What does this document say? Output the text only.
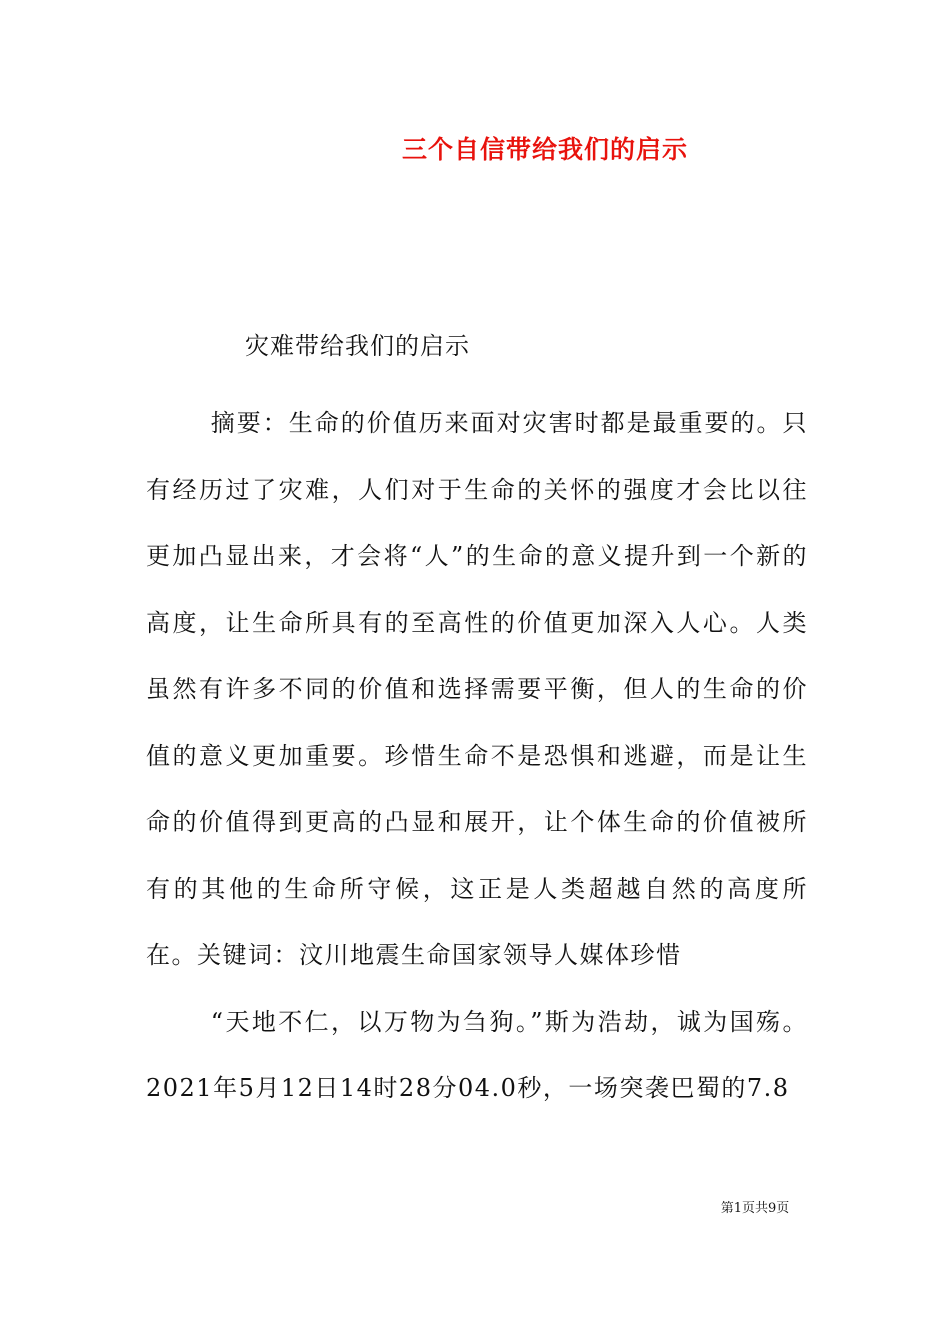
三个自信带给我们的启示
灾难带给我们的启示

摘要：生命的价值历来面对灾害时都是最重要的。只有经历过了灾难，人们对于生命的关怀的强度才会比以往更加凸显出来，才会将“人”的生命的意义提升到一个新的高度，让生命所具有的至高性的价值更加深入人心。人类虽然有许多不同的价值和选择需要平衡，但人的生命的价值的意义更加重要。珍惜生命不是恐惧和逃避，而是让生命的价值得到更高的凸显和展开，让个体生命的价值被所有的其他的生命所守候，这正是人类超越自然的高度所在。关键词：汶川地震生命国家领导人媒体珍惜

“天地不仁，以万物为刍狗。”斯为浩劫，诚为国殇。2021年5月12日14时28分04.0秒，一场突袭巴蜀的7.8

第1页共9页
